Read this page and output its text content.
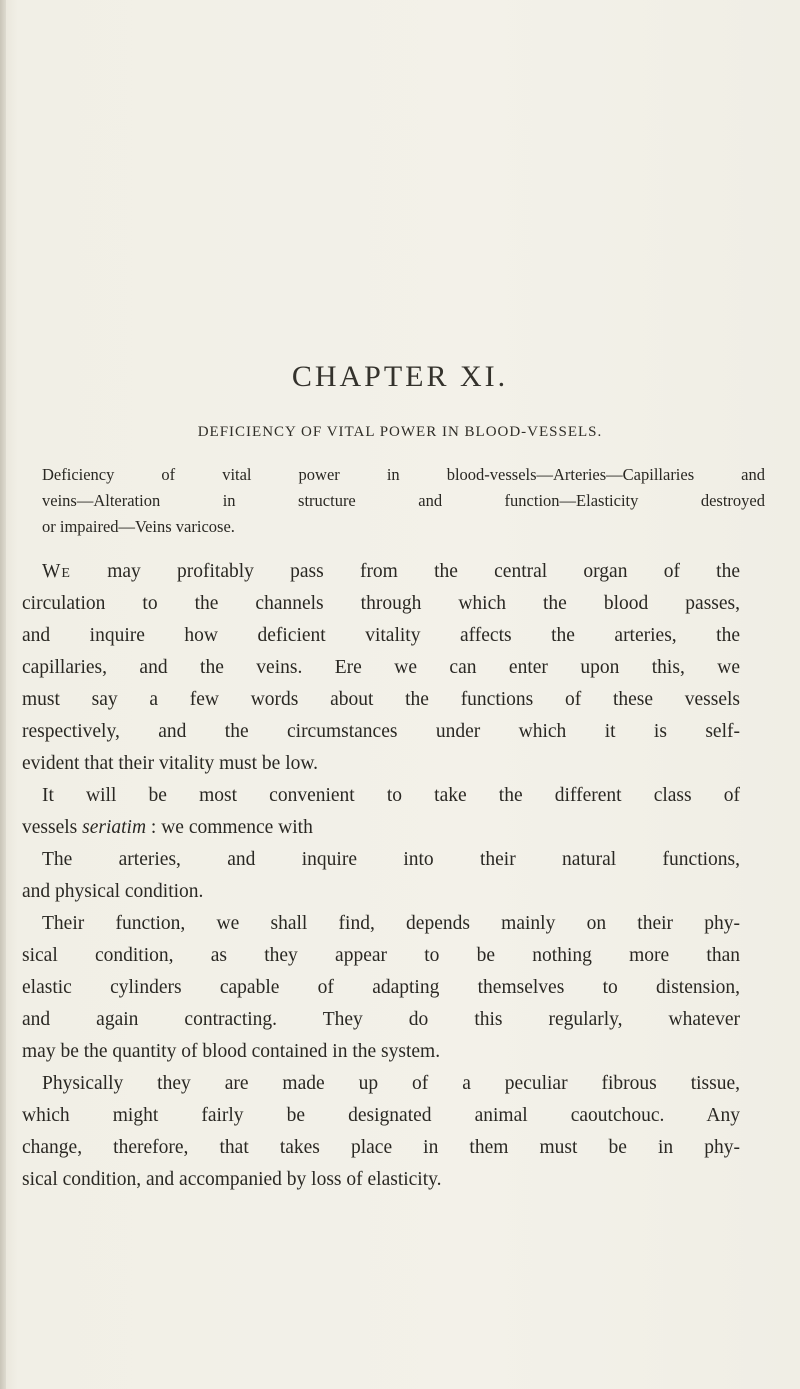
CHAPTER XI.
DEFICIENCY OF VITAL POWER IN BLOOD-VESSELS.
Deficiency of vital power in blood-vessels—Arteries—Capillaries and
veins—Alteration in structure and function—Elasticity destroyed
or impaired—Veins varicose.
We may profitably pass from the central organ of the
circulation to the channels through which the blood passes,
and inquire how deficient vitality affects the arteries, the
capillaries, and the veins. Ere we can enter upon this, we
must say a few words about the functions of these vessels
respectively, and the circumstances under which it is self-
evident that their vitality must be low.
It will be most convenient to take the different class of
vessels seriatim : we commence with
The arteries, and inquire into their natural functions,
and physical condition.
Their function, we shall find, depends mainly on their phy-
sical condition, as they appear to be nothing more than
elastic cylinders capable of adapting themselves to distension,
and again contracting. They do this regularly, whatever
may be the quantity of blood contained in the system.
Physically they are made up of a peculiar fibrous tissue,
which might fairly be designated animal caoutchouc. Any
change, therefore, that takes place in them must be in phy-
sical condition, and accompanied by loss of elasticity.
